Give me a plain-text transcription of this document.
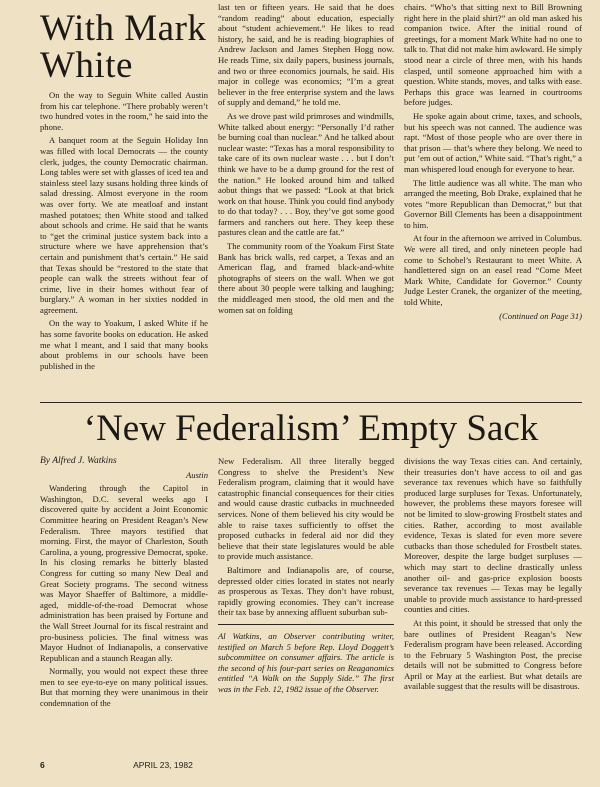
With Mark White

On the way to Seguin White called Austin from his car telephone. “There probably weren’t two hundred votes in the room,” he said into the phone.

A banquet room at the Seguin Holiday Inn was filled with local Democrats — the county clerk, judges, the county Democratic chairman. Long tables were set with glasses of iced tea and stainless steel lazy susans holding three kinds of salad dressing. Almost everyone in the room was over forty. We ate meatloaf and instant mashed potatoes; then White stood and talked about schools and crime. He said that he wants to “get the criminal justice system back into a structure where we have apprehension that’s certain and punishment that’s certain.” He said that Texas should be “restored to the state that people can walk the streets without fear of crime, live in their homes without fear of burglary.” A woman in her sixties nodded in agreement.

On the way to Yoakum, I asked White if he has some favorite books on education. He asked me what I meant, and I said that many books about problems in our schools have been published in the

last ten or fifteen years. He said that he does “random reading” about education, especially about “student achievement.” He likes to read history, he said, and he is reading biographies of Andrew Jackson and James Stephen Hogg now. He reads Time, six daily papers, business journals, and two or three economics journals, he said. His major in college was economics; “I’m a great believer in the free enterprise system and the laws of supply and demand,” he told me.

As we drove past wild primroses and windmills, White talked about energy: “Personally I’d rather be burning coal than nuclear.” And he talked about nuclear waste: “Texas has a moral responsibility to take care of its own nuclear waste . . . but I don’t think we have to be a dump ground for the rest of the nation.” He looked around him and talked aobut things that we passed: “Look at that brick work on that house. Think you could find anybody to do that today? . . . Boy, they’ve got some good farmers and ranchers out here. They keep these pastures clean and the cattle are fat.”

The community room of the Yoakum First State Bank has brick walls, red carpet, a Texas and an American flag, and framed black-and-white photographs of steers on the wall. When we got there about 30 people were talking and laughing; the middleaged men stood, the old men and the women sat on folding

chairs. “Who’s that sitting next to Bill Browning right here in the plaid shirt?” an old man asked his companion twice. After the initial round of greetings, for a moment Mark White had no one to talk to. That did not make him awkward. He simply stood near a circle of three men, with his hands clasped, until someone approached him with a question. White stands, moves, and talks with ease. Perhaps this grace was learned in courtrooms before judges.

He spoke again about crime, taxes, and schools, but his speech was not canned. The audience was rapt. “Most of those people who are over there in that prison — that’s where they belong. We need to put ’em out of action,” White said. “That’s right,” a man whispered loud enough for everyone to hear.

The little audience was all white. The man who arranged the meeting, Bob Drake, explained that he votes “more Republican than Democrat,” but that Governor Bill Clements has been a disappointment to him.

At four in the afternoon we arrived in Columbus. We were all tired, and only nineteen people had come to Schobel’s Restaurant to meet White. A handlettered sign on an easel read “Come Meet Mark White, Candidate for Governor.” County Judge Lester Cranek, the organizer of the meeting, told White,

(Continued on Page 31)

‘New Federalism’ Empty Sack

By Alfred J. Watkins

Austin

Wandering through the Capitol in Washington, D.C. several weeks ago I discovered quite by accident a Joint Economic Committee hearing on President Reagan’s New Federalism. Three mayors testified that morning. First, the mayor of Charleston, South Carolina, a young, progressive Democrat, spoke. In his closing remarks he bitterly blasted Congress for cutting so many New Deal and Great Society programs. The second witness was Mayor Shaeffer of Baltimore, a middle-aged, middle-of-the-road Democrat whose administration has been praised by Fortune and the Wall Street Journal for its fiscal restraint and pro-business policies. The final witness was Mayor Hudnot of Indianapolis, a conservative Republican and a staunch Reagan ally.

Normally, you would not expect these three men to see eye-to-eye on many political issues. But that morning they were unanimous in their condemnation of the

New Federalism. All three literally begged Congress to shelve the President’s New Federalism program, claiming that it would have catastrophic financial consequences for their cities and would cause drastic cutbacks in muchneeded services. None of them believed his city would be able to raise taxes sufficiently to offset the proposed cutbacks in federal aid nor did they believe that their state legislatures would be able to provide much assistance.

Baltimore and Indianapolis are, of course, depressed older cities located in states not nearly as prosperous as Texas. They don’t have robust, rapidly growing economies. They can’t increase their tax base by annexing affluent suburban sub-

Al Watkins, an Observer contributing writer, testified on March 5 before Rep. Lloyd Doggett’s subcommittee on consumer affairs. The article is the second of his four-part series on Reaganomics entitled “A Walk on the Supply Side.” The first was in the Feb. 12, 1982 issue of the Observer.

divisions the way Texas cities can. And certainly, their treasuries don’t have access to oil and gas severance tax revenues which have so faithfully produced large surpluses for Texas. Unfortunately, however, the problems these mayors foresee will not be limited to slow-growing Frostbelt states and cities. Rather, according to most available evidence, Texas is slated for even more severe cutbacks than those scheduled for Frostbelt states. Moreover, despite the large budget surpluses — which may start to decline drastically unless another oil- and gas-price explosion boosts severance tax revenues — Texas may be legally unable to provide much assistance to hard-pressed counties and cities.

At this point, it should be stressed that only the bare outlines of President Reagan’s New Federalism program have been released. According to the February 5 Washington Post, the precise details will not be submitted to Congress before April or May at the earliest. But what details are available suggest that the results will be disastrous.

6	APRIL 23, 1982
